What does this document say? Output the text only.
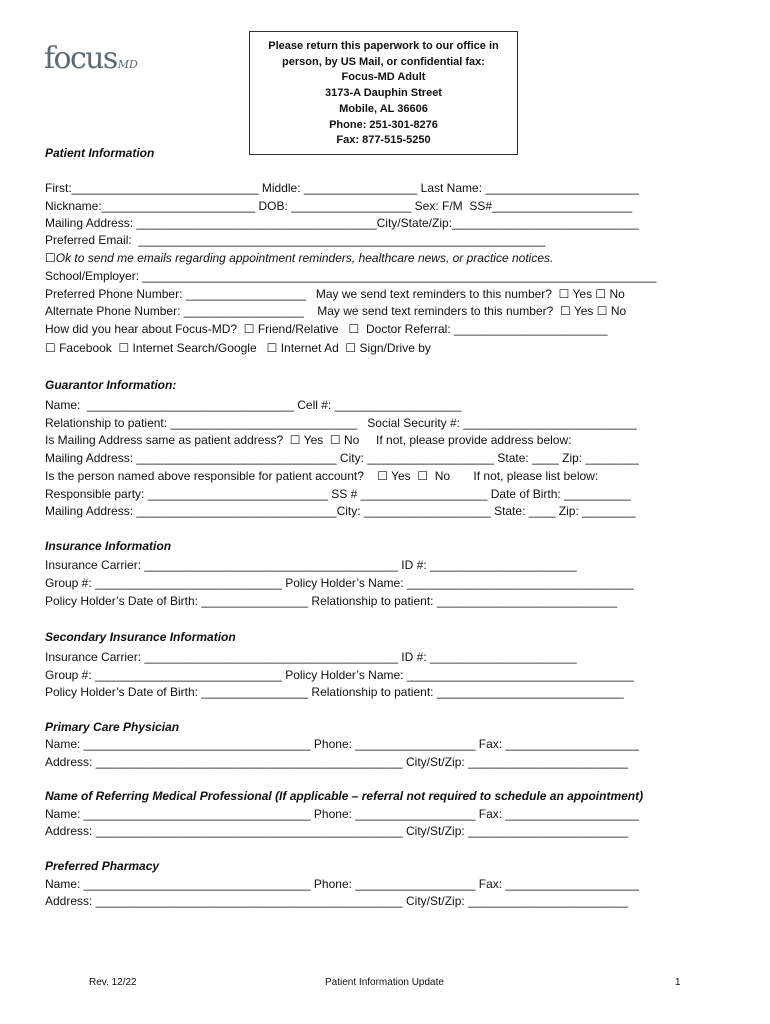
focusMD
Please return this paperwork to our office in
person, by US Mail, or confidential fax:
Focus-MD Adult
3173-A Dauphin Street
Mobile, AL 36606
Phone: 251-301-8276
Fax: 877-515-5250
Patient Information
First:____________________________ Middle: _________________ Last Name: _______________________
Nickname:_______________________ DOB: __________________ Sex: F/M  SS#_____________________
Mailing Address: ____________________________________City/State/Zip:____________________________
Preferred Email:  _____________________________________________________________
☐Ok to send me emails regarding appointment reminders, healthcare news, or practice notices.
School/Employer: _____________________________________________________________________________
Preferred Phone Number: __________________   May we send text reminders to this number?  ☐ Yes ☐ No
Alternate Phone Number: __________________    May we send text reminders to this number?  ☐ Yes ☐ No
How did you hear about Focus-MD?  ☐ Friend/Relative   ☐  Doctor Referral: _______________________
☐ Facebook  ☐ Internet Search/Google   ☐ Internet Ad  ☐ Sign/Drive by
Guarantor Information:
Name:  _______________________________ Cell #: ___________________
Relationship to patient: ____________________________   Social Security #: __________________________
Is Mailing Address same as patient address?  ☐ Yes  ☐ No     If not, please provide address below:
Mailing Address: ______________________________ City: ___________________ State: ____ Zip: ________
Is the person named above responsible for patient account?    ☐ Yes  ☐  No       If not, please list below:
Responsible party: ___________________________ SS # ___________________ Date of Birth: __________
Mailing Address: ______________________________City: ___________________ State: ____ Zip: ________
Insurance Information
Insurance Carrier: ______________________________________ ID #: ______________________
Group #: ____________________________ Policy Holder’s Name: __________________________________
Policy Holder’s Date of Birth: ________________ Relationship to patient: ___________________________
Secondary Insurance Information
Insurance Carrier: ______________________________________ ID #: ______________________
Group #: ____________________________ Policy Holder’s Name: __________________________________
Policy Holder’s Date of Birth: ________________ Relationship to patient: ____________________________
Primary Care Physician
Name: __________________________________ Phone: __________________ Fax: ____________________
Address: ______________________________________________ City/St/Zip: ________________________
Name of Referring Medical Professional (If applicable – referral not required to schedule an appointment)
Name: __________________________________ Phone: __________________ Fax: ____________________
Address: ______________________________________________ City/St/Zip: ________________________
Preferred Pharmacy
Name: __________________________________ Phone: __________________ Fax: ____________________
Address: ______________________________________________ City/St/Zip: ________________________
Rev. 12/22	Patient Information Update	1
